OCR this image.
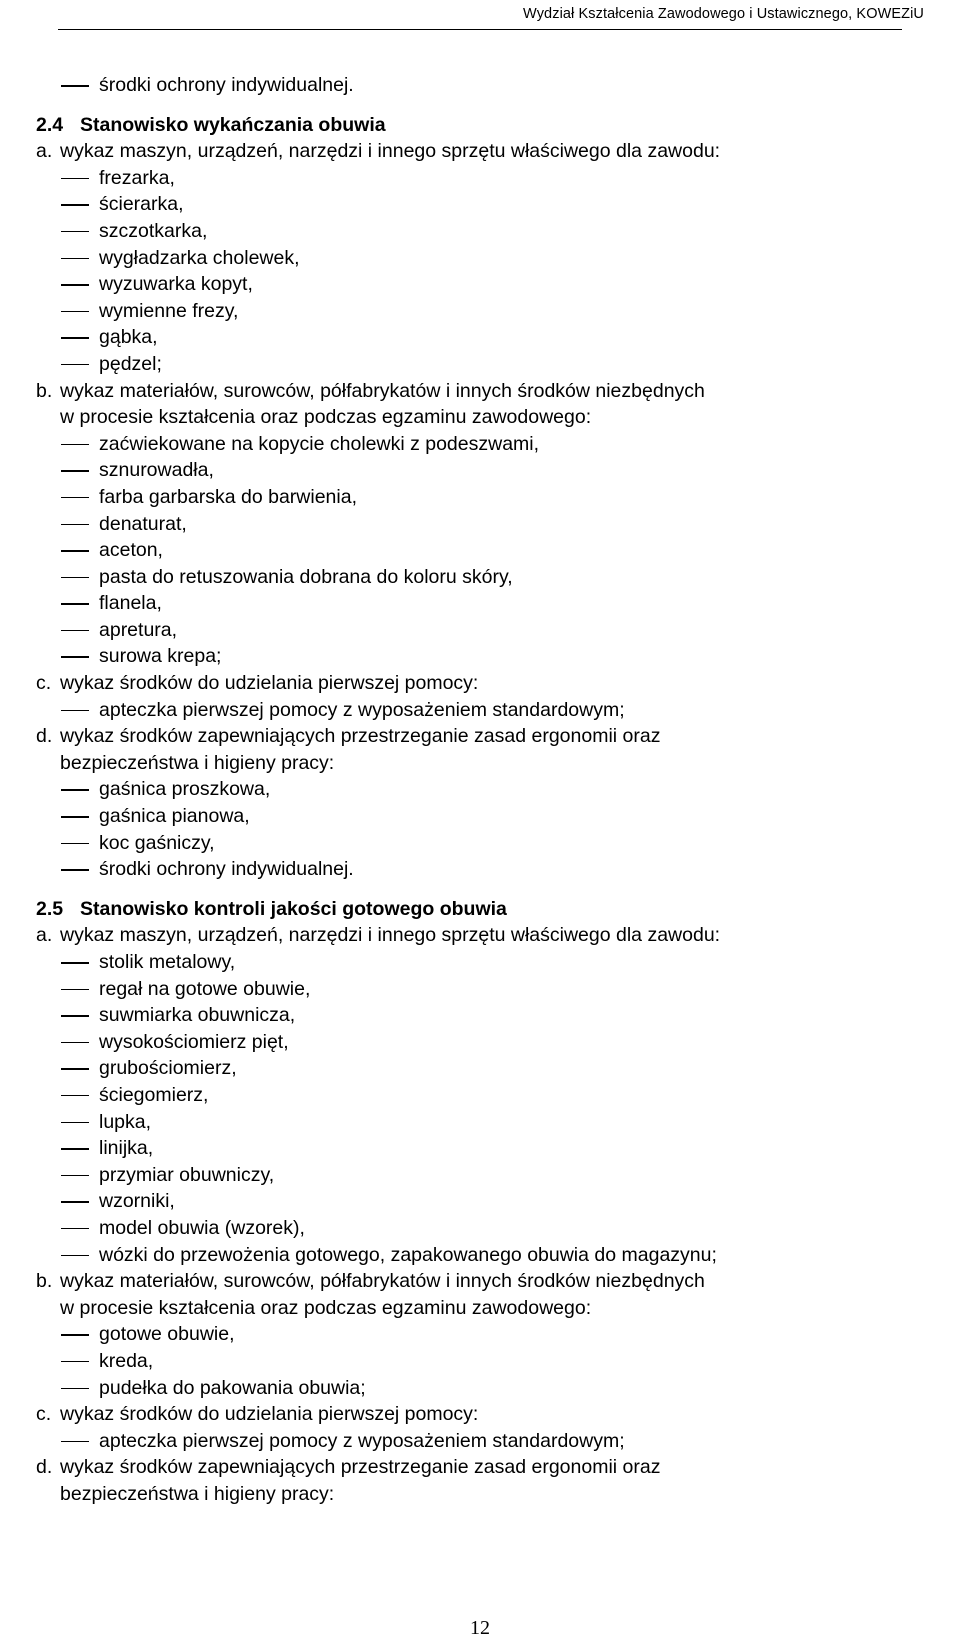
Wydział Kształcenia Zawodowego i Ustawicznego, KOWEZiU
środki ochrony indywidualnej.
2.4 Stanowisko wykańczania obuwia
a. wykaz maszyn, urządzeń, narzędzi i innego sprzętu właściwego dla zawodu:
frezarka,
ścierarka,
szczotkarka,
wygładzarka cholewek,
wyzuwarka kopyt,
wymienne frezy,
gąbka,
pędzel;
b. wykaz materiałów, surowców, półfabrykatów i innych środków niezbędnych
w procesie kształcenia oraz podczas egzaminu zawodowego:
zaćwiekowane na kopycie cholewki z podeszwami,
sznurowadła,
farba garbarska do barwienia,
denaturat,
aceton,
pasta do retuszowania dobrana do koloru skóry,
flanela,
apretura,
surowa krepa;
c. wykaz środków do udzielania pierwszej pomocy:
apteczka pierwszej pomocy z wyposażeniem standardowym;
d. wykaz środków zapewniających przestrzeganie zasad ergonomii oraz
bezpieczeństwa i higieny pracy:
gaśnica proszkowa,
gaśnica pianowa,
koc gaśniczy,
środki ochrony indywidualnej.
2.5 Stanowisko kontroli jakości gotowego obuwia
a. wykaz maszyn, urządzeń, narzędzi i innego sprzętu właściwego dla zawodu:
stolik metalowy,
regał na gotowe obuwie,
suwmiarka obuwnicza,
wysokościomierz pięt,
grubościomierz,
ściegomierz,
lupka,
linijka,
przymiar obuwniczy,
wzorniki,
model obuwia (wzorek),
wózki do przewożenia gotowego, zapakowanego obuwia do magazynu;
b. wykaz materiałów, surowców, półfabrykatów i innych środków niezbędnych
w procesie kształcenia oraz podczas egzaminu zawodowego:
gotowe obuwie,
kreda,
pudełka do pakowania obuwia;
c. wykaz środków do udzielania pierwszej pomocy:
apteczka pierwszej pomocy z wyposażeniem standardowym;
d. wykaz środków zapewniających przestrzeganie zasad ergonomii oraz
bezpieczeństwa i higieny pracy:
12
